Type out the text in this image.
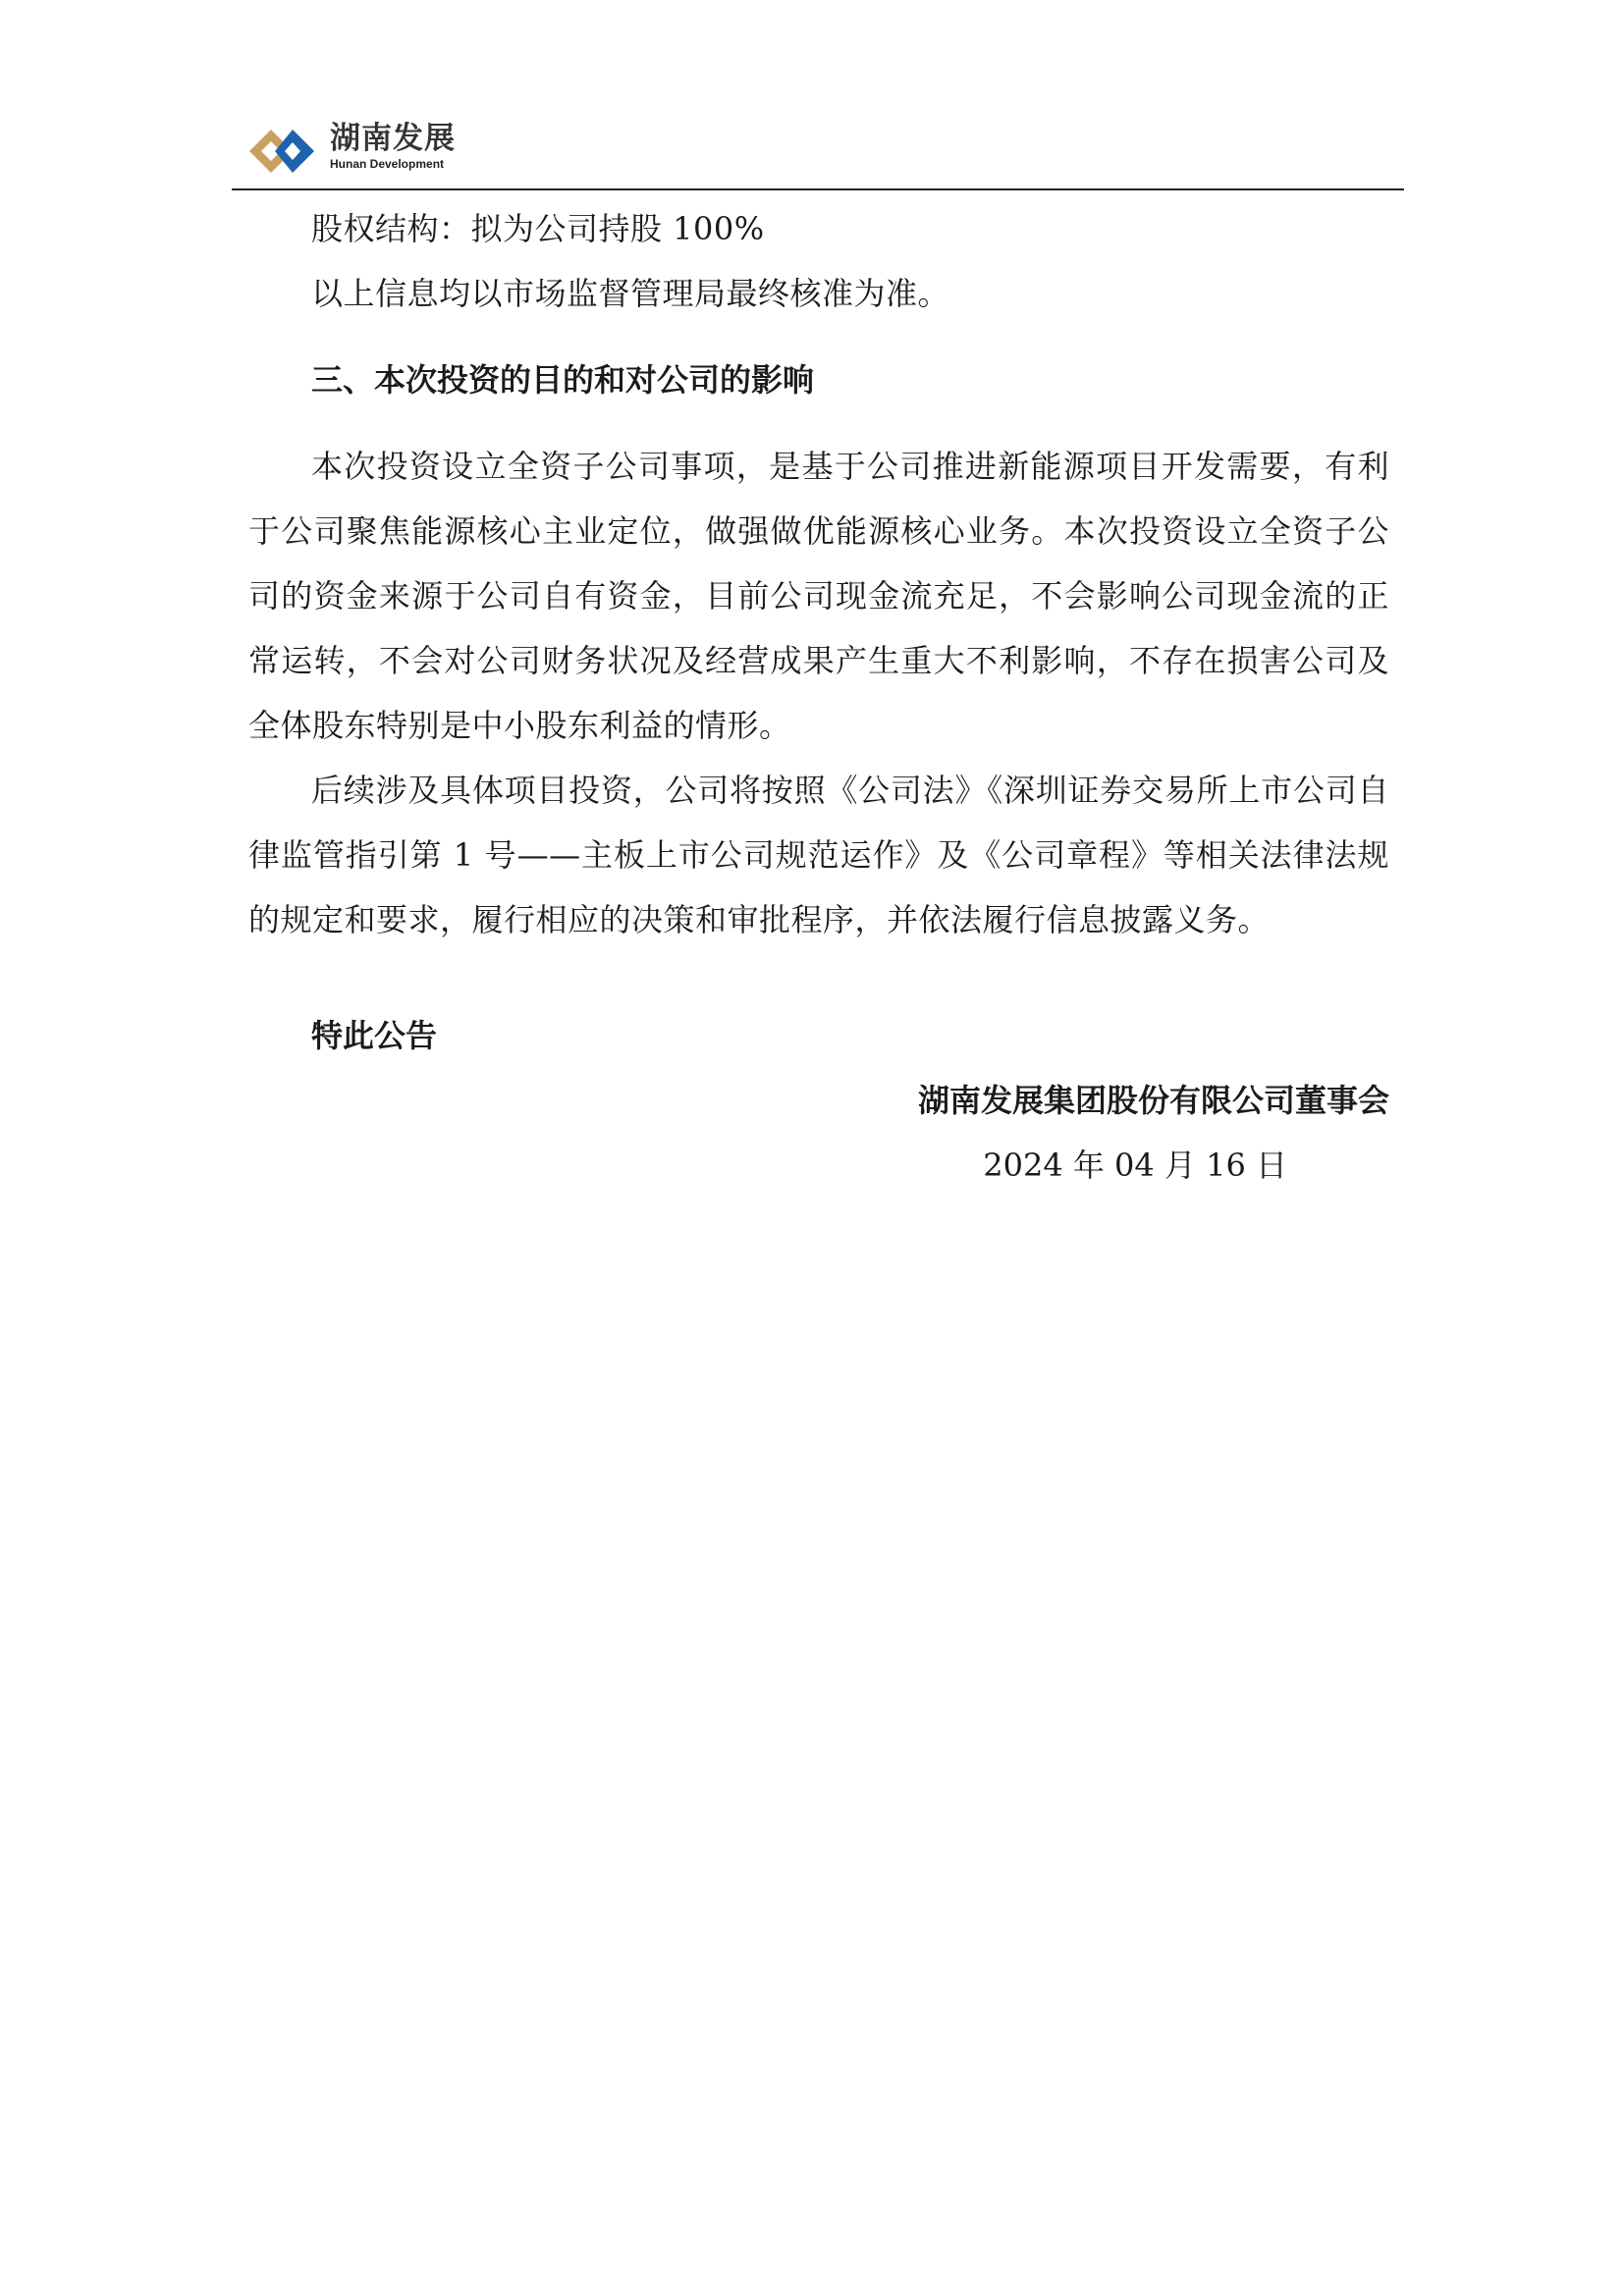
湖南发展
Hunan Development

股权结构：拟为公司持股 100%

以上信息均以市场监督管理局最终核准为准。

三、本次投资的目的和对公司的影响

本次投资设立全资子公司事项，是基于公司推进新能源项目开发需要，有利于公司聚焦能源核心主业定位，做强做优能源核心业务。本次投资设立全资子公司的资金来源于公司自有资金，目前公司现金流充足，不会影响公司现金流的正常运转，不会对公司财务状况及经营成果产生重大不利影响，不存在损害公司及全体股东特别是中小股东利益的情形。

后续涉及具体项目投资，公司将按照《公司法》《深圳证券交易所上市公司自律监管指引第 1 号——主板上市公司规范运作》及《公司章程》等相关法律法规的规定和要求，履行相应的决策和审批程序，并依法履行信息披露义务。

特此公告

湖南发展集团股份有限公司董事会

2024 年 04 月 16 日
